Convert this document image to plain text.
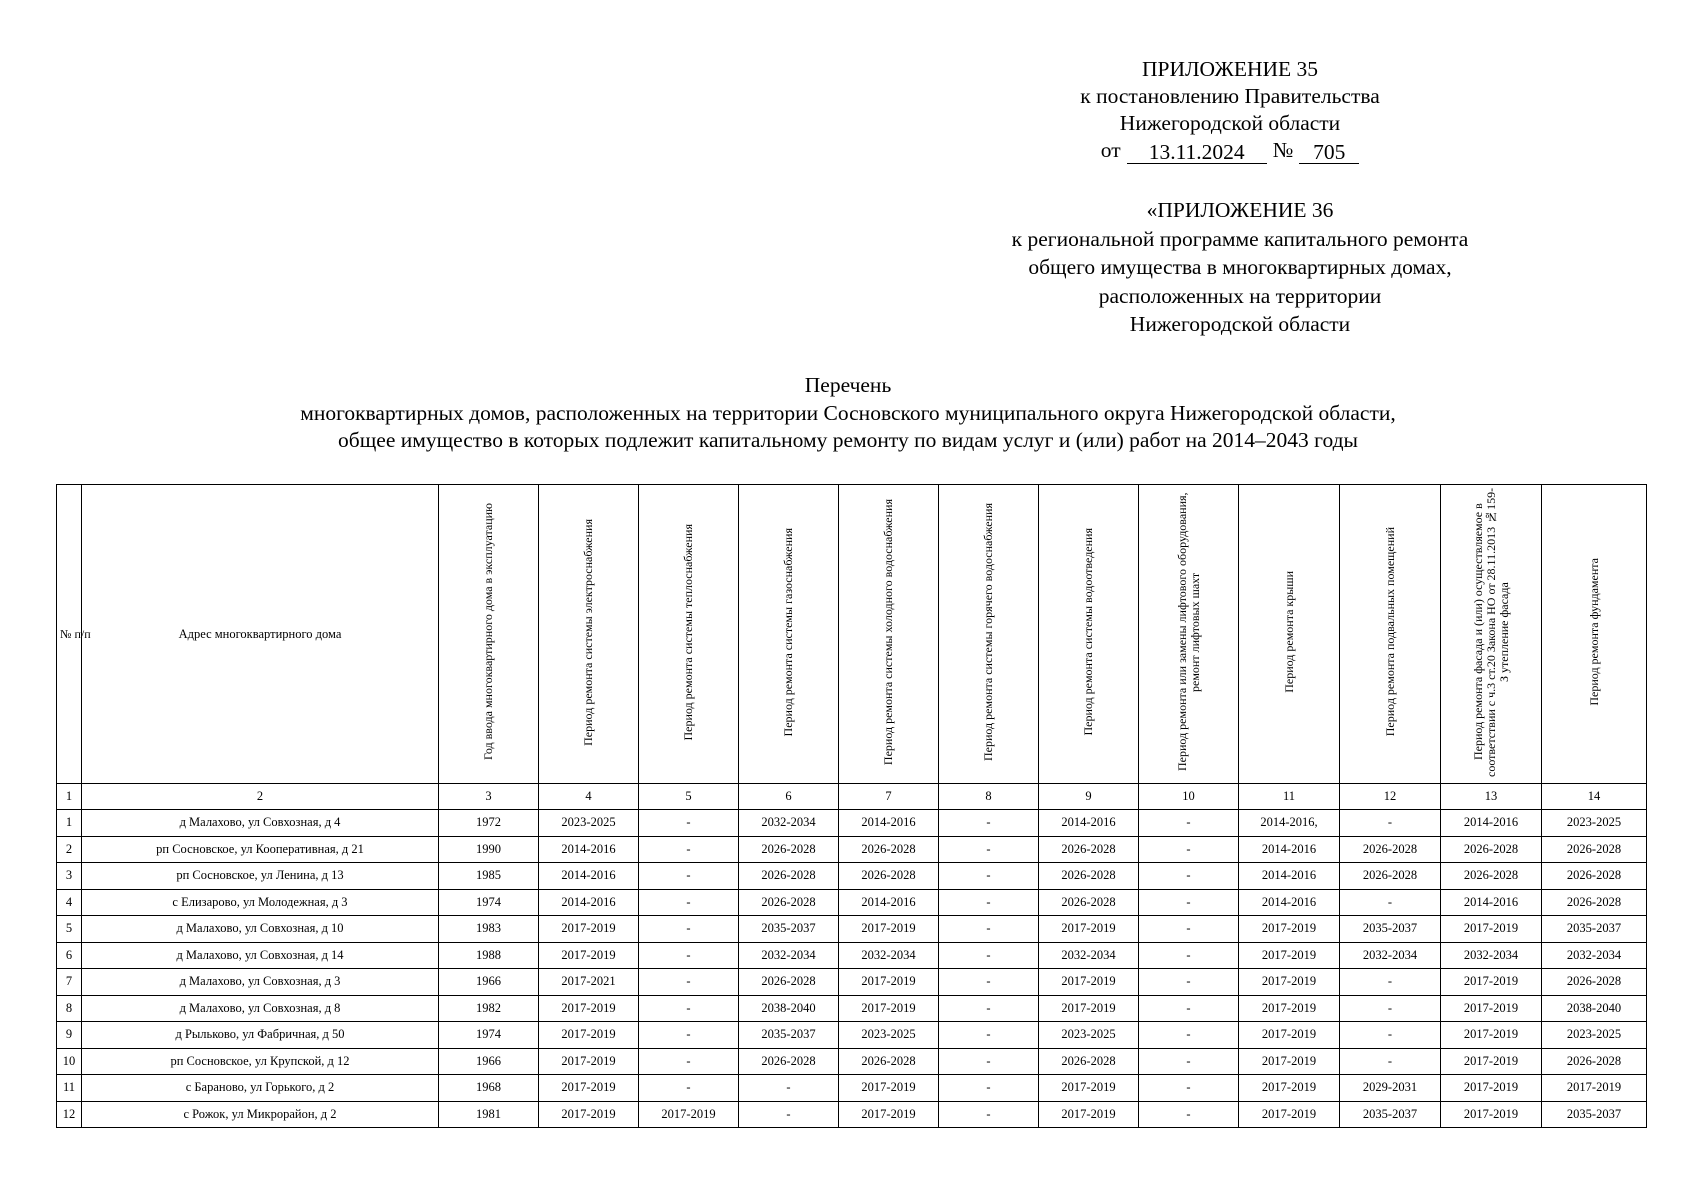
ПРИЛОЖЕНИЕ 35
к постановлению Правительства
Нижегородской области
от	13.11.2024	№ 705
«ПРИЛОЖЕНИЕ 36
к региональной программе капитального ремонта
общего имущества в многоквартирных домах,
расположенных на территории
Нижегородской области
Перечень
многоквартирных домов, расположенных на территории Сосновского муниципального округа Нижегородской области,
общее имущество в которых подлежит капитальному ремонту по видам услуг и (или) работ на 2014–2043 годы
№ п/п	Адрес многоквартирного дома	Год ввода многоквартирного дома в эксплуатацию	Период ремонта системы электроснабжения	Период ремонта системы теплоснабжения	Период ремонта системы газоснабжения	Период ремонта системы холодного водоснабжения	Период ремонта системы горячего водоснабжения	Период ремонта системы водоотведения	Период ремонта или замены лифтового оборудования, ремонт лифтовых шахт	Период ремонта крыши	Период ремонта подвальных помещений	Период ремонта фасада и (или) осуществляемое в соответствии с ч.3 ст.20 Закона НО от 28.11.2013 №159-З утепление фасада	Период ремонта фундамента
1	2	3	4	5	6	7	8	9	10	11	12	13	14
1	д Малахово, ул Совхозная, д 4	1972	2023-2025	-	2032-2034	2014-2016	-	2014-2016	-	2014-2016,	-	2014-2016	2023-2025
2	рп Сосновское, ул Кооперативная, д 21	1990	2014-2016	-	2026-2028	2026-2028	-	2026-2028	-	2014-2016	2026-2028	2026-2028	2026-2028
3	рп Сосновское, ул Ленина, д 13	1985	2014-2016	-	2026-2028	2026-2028	-	2026-2028	-	2014-2016	2026-2028	2026-2028	2026-2028
4	с Елизарово, ул Молодежная, д 3	1974	2014-2016	-	2026-2028	2014-2016	-	2026-2028	-	2014-2016	-	2014-2016	2026-2028
5	д Малахово, ул Совхозная, д 10	1983	2017-2019	-	2035-2037	2017-2019	-	2017-2019	-	2017-2019	2035-2037	2017-2019	2035-2037
6	д Малахово, ул Совхозная, д 14	1988	2017-2019	-	2032-2034	2032-2034	-	2032-2034	-	2017-2019	2032-2034	2032-2034	2032-2034
7	д Малахово, ул Совхозная, д 3	1966	2017-2021	-	2026-2028	2017-2019	-	2017-2019	-	2017-2019	-	2017-2019	2026-2028
8	д Малахово, ул Совхозная, д 8	1982	2017-2019	-	2038-2040	2017-2019	-	2017-2019	-	2017-2019	-	2017-2019	2038-2040
9	д Рыльково, ул Фабричная, д 50	1974	2017-2019	-	2035-2037	2023-2025	-	2023-2025	-	2017-2019	-	2017-2019	2023-2025
10	рп Сосновское, ул Крупской, д 12	1966	2017-2019	-	2026-2028	2026-2028	-	2026-2028	-	2017-2019	-	2017-2019	2026-2028
11	с Бараново, ул Горького, д 2	1968	2017-2019	-	-	2017-2019	-	2017-2019	-	2017-2019	2029-2031	2017-2019	2017-2019
12	с Рожок, ул Микрорайон, д 2	1981	2017-2019	2017-2019	-	2017-2019	-	2017-2019	-	2017-2019	2035-2037	2017-2019	2035-2037
